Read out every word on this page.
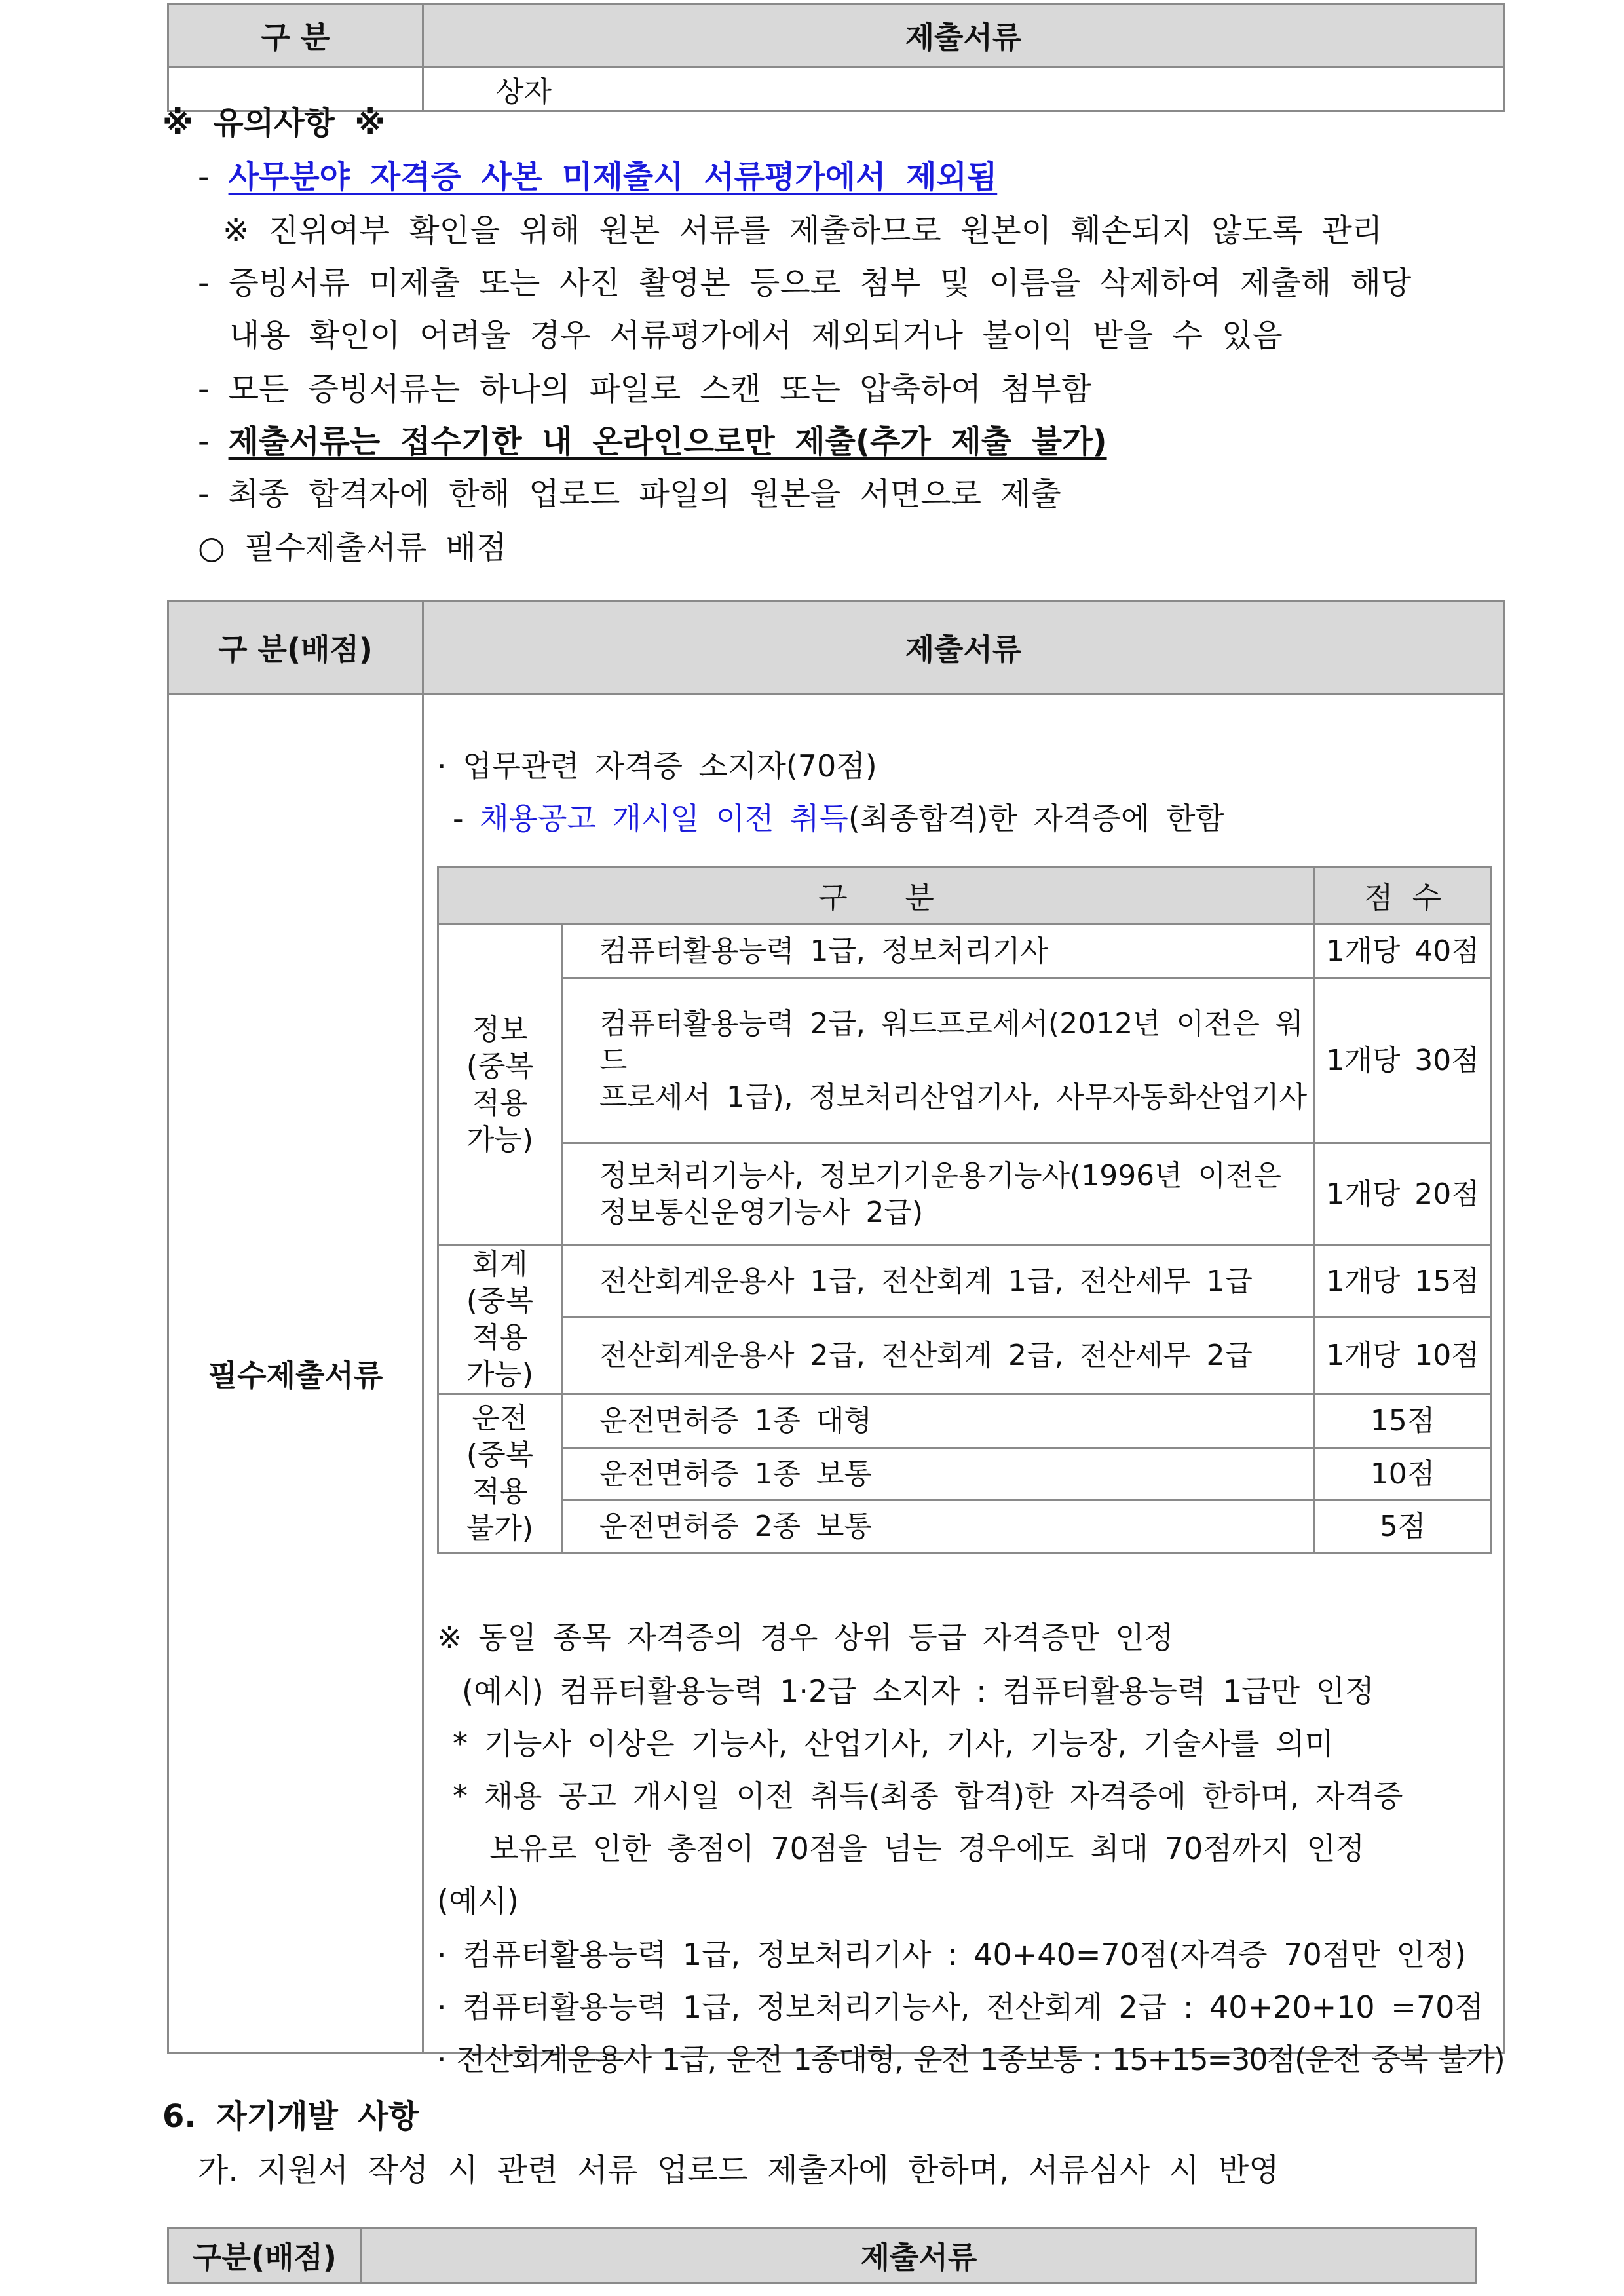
구 분	제출서류
	상자
※ 유의사항 ※
- 사무분야 자격증 사본 미제출시 서류평가에서 제외됨
※ 진위여부 확인을 위해 원본 서류를 제출하므로 원본이 훼손되지 않도록 관리
- 증빙서류 미제출 또는 사진 촬영본 등으로 첨부 및 이름을 삭제하여 제출해 해당
내용 확인이 어려울 경우 서류평가에서 제외되거나 불이익 받을 수 있음
- 모든 증빙서류는 하나의 파일로 스캔 또는 압축하여 첨부함
- 제출서류는 접수기한 내 온라인으로만 제출(추가 제출 불가)
- 최종 합격자에 한해 업로드 파일의 원본을 서면으로 제출
○ 필수제출서류 배점
구 분(배점)	제출서류
필수제출서류	
· 업무관련 자격증 소지자(70점)
- 채용공고 개시일 이전 취득(최종합격)한 자격증에 한함
구      분	점  수
정보
(중복
적용
가능)	컴퓨터활용능력 1급, 정보처리기사	1개당 40점
컴퓨터활용능력 2급, 워드프로세서(2012년 이전은 워드
프로세서 1급), 정보처리산업기사, 사무자동화산업기사	1개당 30점
정보처리기능사, 정보기기운용기능사(1996년 이전은 정보통신운영기능사 2급)	1개당 20점
회계
(중복
적용
가능)	전산회계운용사 1급, 전산회계 1급, 전산세무 1급	1개당 15점
전산회계운용사 2급, 전산회계 2급, 전산세무 2급	1개당 10점
운전
(중복
적용
불가)	운전면허증 1종 대형	15점
운전면허증 1종 보통	10점
운전면허증 2종 보통	5점
※ 동일 종목 자격증의 경우 상위 등급 자격증만 인정
(예시) 컴퓨터활용능력 1·2급 소지자 : 컴퓨터활용능력 1급만 인정
* 기능사 이상은 기능사, 산업기사, 기사, 기능장, 기술사를 의미
* 채용 공고 개시일 이전 취득(최종 합격)한 자격증에 한하며, 자격증
보유로 인한 총점이 70점을 넘는 경우에도 최대 70점까지 인정
(예시)
· 컴퓨터활용능력 1급, 정보처리기사 : 40+40=70점(자격증 70점만 인정)
· 컴퓨터활용능력 1급, 정보처리기능사, 전산회계 2급 : 40+20+10 =70점
· 전산회계운용사 1급, 운전 1종대형, 운전 1종보통 : 15+15=30점(운전 중복 불가)
6. 자기개발 사항
가. 지원서 작성 시 관련 서류 업로드 제출자에 한하며, 서류심사 시 반영
구분(배점)	제출서류
